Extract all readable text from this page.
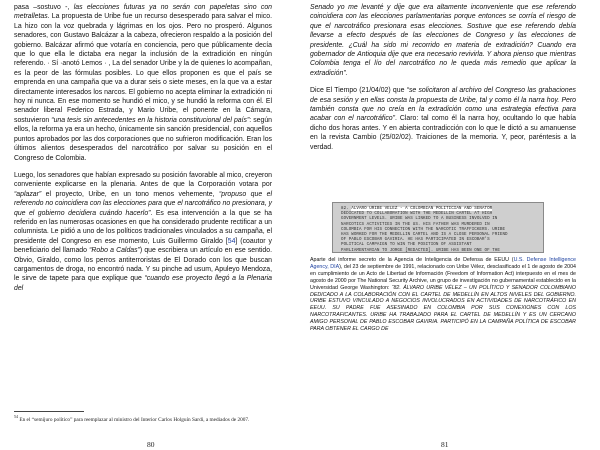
pasa –sostuvo -, las elecciones futuras ya no serán con papeletas sino con metralletas. La propuesta de Uribe fue un recurso desesperado para salvar el mico. La hizo con la voz quebrada y lágrimas en los ojos. Pero no prosperó. Algunos senadores, con Gustavo Balcázar a la cabeza, ofrecieron respaldo a la posición del gobierno. Balcázar afirmó que votaría en conciencia, pero que públicamente decía que lo que ella le dictaba era negar la inclusión de la extradición en ningún referendo. · Sí ·anotó Lemos · , La del senador Uribe y la de quienes lo acompañan, es la peor de las fórmulas posibles. Lo que ellos proponen es que el país se emprenda en una campaña que va a durar seis o siete meses, en la que va a estar directamente interesados los narcos. El gobierno no acepta eliminar la extradición ni hoy ni nunca. En ese momento se hundió el mico, y se hundió la reforma con él. El senador liberal Federico Estrada, y Mario Uribe, el ponente en la Cámara, sostuvieron “una tesis sin antecedentes en la historia constitucional del país”: según ellos, la reforma ya era un hecho, únicamente sin sanción presidencial, con aquellos puntos aprobados por las dos corporaciones que no sufrieron modificación. Eran los últimos alientos desesperados del narcotráfico por salvar su posición en el Congreso de Colombia.

Luego, los senadores que habían expresado su posición favorable al mico, creyeron conveniente explicarse en la plenaria. Antes de que la Corporación votara por “aplazar” el proyecto, Uribe, en un tono menos vehemente, “propuso que el referendo no coincidiera con las elecciones para que el narcotráfico no presionara, y que el gobierno decidiera cuándo hacerlo”. Es esa intervención a la que se ha referido en las numerosas ocasiones en que ha considerado prudente rectificar a un columnista. Le pidió a uno de los políticos tradicionales vinculados a su campaña, el presidente del Congreso en ese momento, Luis Guillermo Giraldo [54] (coautor y beneficiario del llamado “Robo a Caldas”) que escribiera un artículo en ese sentido. Obvio, Giraldo, como los perros antiterroristas de El Dorado con los que buscan cargamentos de droga, no encontró nada. Y su pinche ad usum, Apuleyo Mendoza, le sirve de tapete para que explique que “cuando ese proyecto llegó a la Plenaria del

$^{54}$ En el “semijuro político” para reemplazar al ministro del Interior Carlos Holguín Sardi, a mediados de 2007.
80

Senado yo me levanté y dije que era altamente inconveniente que ese referendo coincidiera con las elecciones parlamentarias porque entonces se corría el riesgo de que el narcotráfico presionara esas elecciones. Sostuve que ese referendo debía llevarse a efecto después de las elecciones de Congreso y las elecciones de presidente. ¿Cuál ha sido mi recorrido en materia de extradición? Cuando era gobernador de Antioquia dije que era necesario revivirla. Y ahora pienso que mientras Colombia tenga el lío del narcotráfico no le queda más remedio que aplicar la extradición”.

Dice El Tiempo (21/04/02) que “se solicitaron al archivo del Congreso las grabaciones de esa sesión y en ellas consta la propuesta de Uribe, tal y como él la narra hoy. Pero también consta que no creía en la extradición como una estrategia efectiva para acabar con el narcotráfico”. Claro: tal como él la narra hoy, ocultando lo que había dicho dos horas antes. Y en abierta contradicción con lo que le dictó a su amanuense en la revista Cambio (25/02/02). Traiciones de la memoria. Y, peor, paréntesis a la verdad.

82. ALVARO URIBE VELEZ - A COLOMBIAN POLITICIAN AND SENATOR
DEDICATED TO COLLABORATION WITH THE MEDELLIN CARTEL AT HIGH
GOVERNMENT LEVELS. URIBE WAS LINKED TO A BUSINESS INVOLVED IN
NARCOTICS ACTIVITIES IN THE US. HIS FATHER WAS MURDERED IN
COLOMBIA FOR HIS CONNECTION WITH THE NARCOTIC TRAFFICKERS. URIBE
HAS WORKED FOR THE MEDELLIN CARTEL AND IS A CLOSE PERSONAL FRIEND
OF PABLO ESCOBAR GAVIRIA. HE HAS PARTICIPATED IN ESCOBAR'S
POLITICAL CAMPAIGN TO WIN THE POSITION OF ASSISTANT
PARLIAMENTARIAN TO JORGE [REDACTED]. URIBE HAS BEEN ONE OF THE
Aparte del informe secreto de la Agencia de Inteligencia de Defensa de EEUU (U.S. Defense Intelligence Agency, DIA), del 23 de septiembre de 1991, relacionado con Uribe Vélez, desclasificado el 1 de agosto de 2004 en cumplimiento de un Acto de Libertad de Información (Freedom of Information Act) interpuesto en el mes de agosto de 2000 por The National Security Archive, un grupo de investigación no gubernamental establecido en la Universidad George Washington: “82. ÁLVARO URIBE VÉLEZ – UN POLÍTICO Y SENADOR COLOMBIANO DEDICADO A LA COLABORACIÓN CON EL CARTEL DE MEDELLÍN EN ALTOS NIVELES DEL GOBIERNO. URIBE ESTUVO VINCULADO A NEGOCIOS INVOLUCRADOS EN ACTIVIDADES DE NARCOTRÁFICO EN EEUU. SU PADRE FUE ASESINADO EN COLOMBIA POR SUS CONEXIONES CON LOS NARCOTRAFICANTES. URIBE HA TRABAJADO PARA EL CARTEL DE MEDELLÍN Y ES UN CERCANO AMIGO PERSONAL DE PABLO ESCOBAR GAVIRIA. PARTICIPÓ EN LA CAMPAÑA POLÍTICA DE ESCOBAR PARA OBTENER EL CARGO DE
81
